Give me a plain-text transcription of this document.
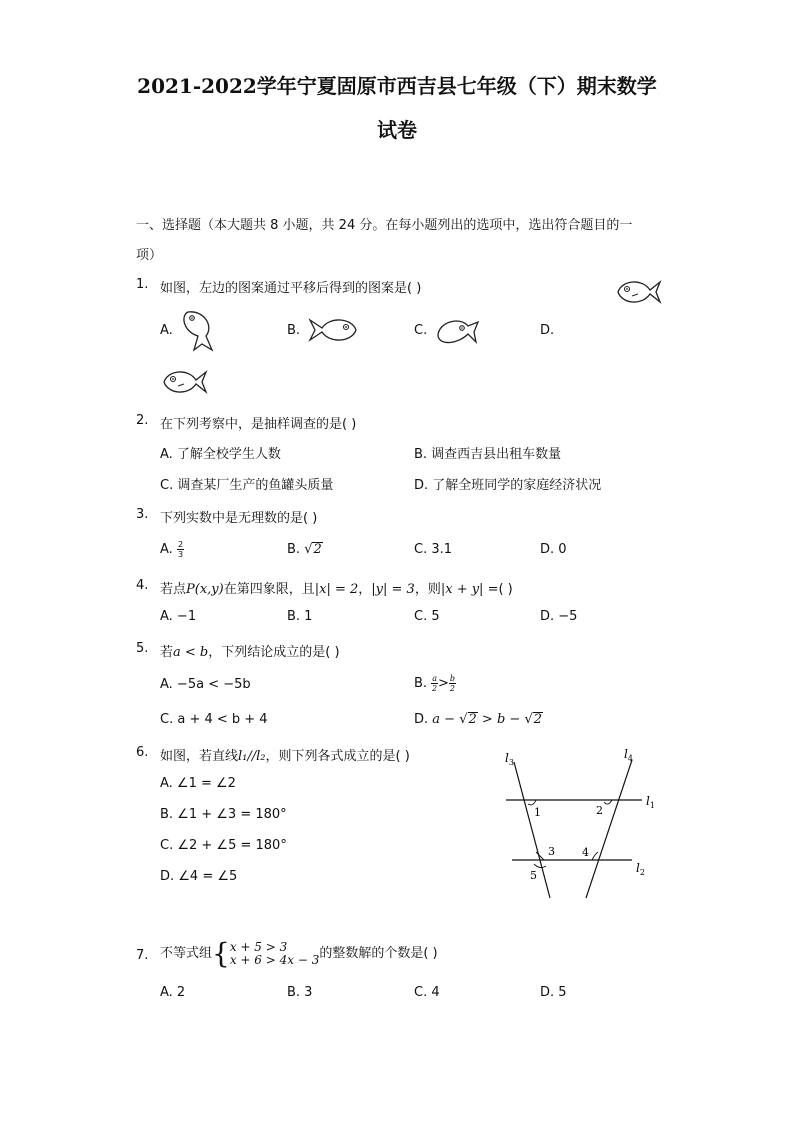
2021-2022学年宁夏固原市西吉县七年级（下）期末数学
试卷
一、选择题（本大题共 8 小题，共 24 分。在每小题列出的选项中，选出符合题目的一
项）
1. 如图，左边的图案通过平移后得到的图案是( )
A.	B.	C.	D.
2. 在下列考察中，是抽样调查的是( )
A. 了解全校学生人数	B. 调查西吉县出租车数量
C. 调查某厂生产的鱼罐头质量	D. 了解全班同学的家庭经济状况
3. 下列实数中是无理数的是( )
A. $\frac{2}{3}$	B. √2	C. 3.1	D. 0
4. 若点P(x,y)在第四象限，且|x| = 2，|y| = 3，则|x + y| =( )
A. −1	B. 1	C. 5	D. −5
5. 若a < b，下列结论成立的是( )
A. −5a < −5b	B. $\frac{a}{2} > \frac{b}{2}$
C. a + 4 < b + 4	D. a − √2 > b − √2
6. 如图，若直线l₁//l₂，则下列各式成立的是( )
A. ∠1 = ∠2
B. ∠1 + ∠3 = 180°
C. ∠2 + ∠5 = 180°
D. ∠4 = ∠5
$l_3$
$l_4$
$l_1$
$l_2$
1	2
3 4
5
7. 不等式组{ x + 5 > 3
x + 6 > 4x − 3 的整数解的个数是( )
A. 2	B. 3	C. 4	D. 5
